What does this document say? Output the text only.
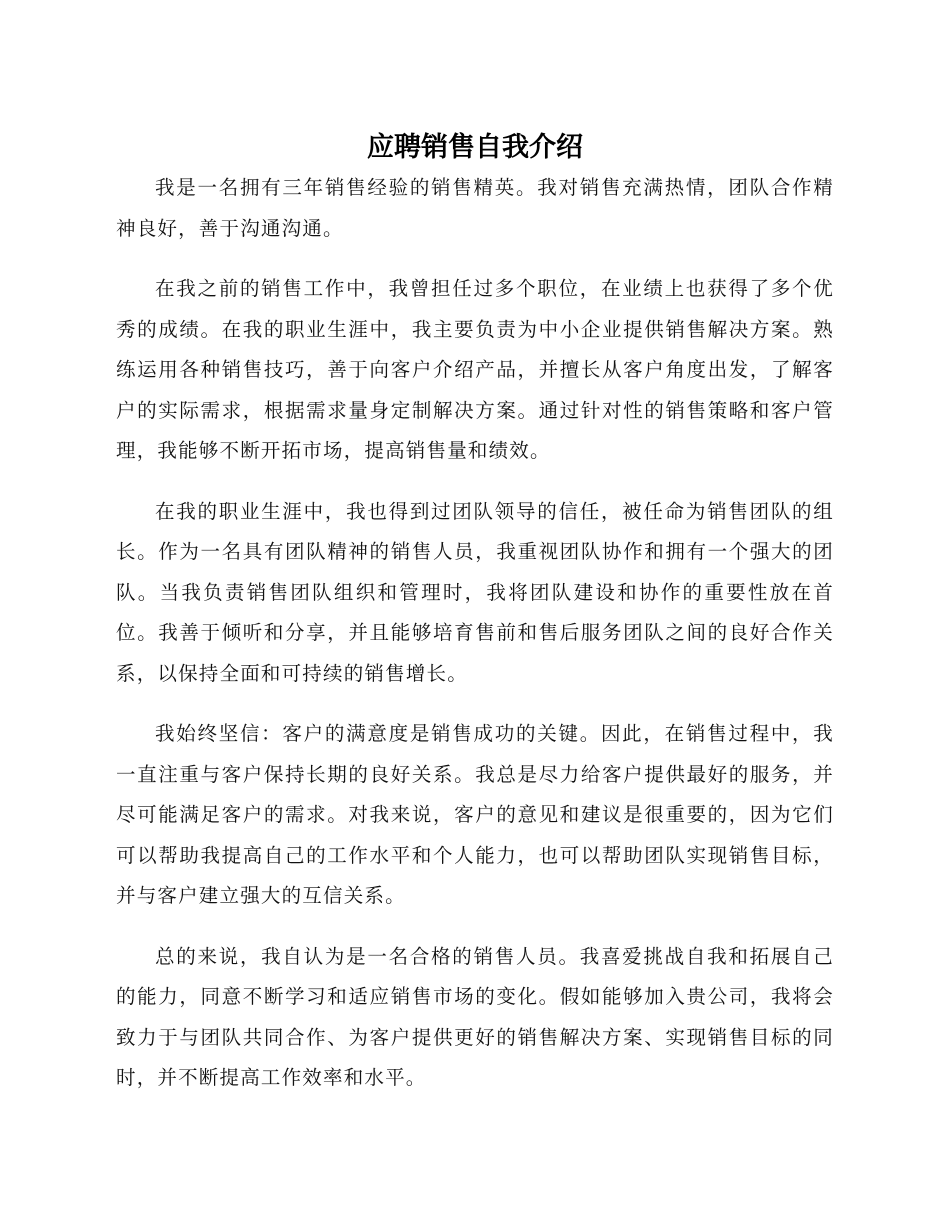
应聘销售自我介绍

我是一名拥有三年销售经验的销售精英。我对销售充满热情，团队合作精神良好，善于沟通沟通。

在我之前的销售工作中，我曾担任过多个职位，在业绩上也获得了多个优秀的成绩。在我的职业生涯中，我主要负责为中小企业提供销售解决方案。熟练运用各种销售技巧，善于向客户介绍产品，并擅长从客户角度出发，了解客户的实际需求，根据需求量身定制解决方案。通过针对性的销售策略和客户管理，我能够不断开拓市场，提高销售量和绩效。

在我的职业生涯中，我也得到过团队领导的信任，被任命为销售团队的组长。作为一名具有团队精神的销售人员，我重视团队协作和拥有一个强大的团队。当我负责销售团队组织和管理时，我将团队建设和协作的重要性放在首位。我善于倾听和分享，并且能够培育售前和售后服务团队之间的良好合作关系，以保持全面和可持续的销售增长。

我始终坚信：客户的满意度是销售成功的关键。因此，在销售过程中，我一直注重与客户保持长期的良好关系。我总是尽力给客户提供最好的服务，并尽可能满足客户的需求。对我来说，客户的意见和建议是很重要的，因为它们可以帮助我提高自己的工作水平和个人能力，也可以帮助团队实现销售目标，并与客户建立强大的互信关系。

总的来说，我自认为是一名合格的销售人员。我喜爱挑战自我和拓展自己的能力，同意不断学习和适应销售市场的变化。假如能够加入贵公司，我将会致力于与团队共同合作、为客户提供更好的销售解决方案、实现销售目标的同时，并不断提高工作效率和水平。
